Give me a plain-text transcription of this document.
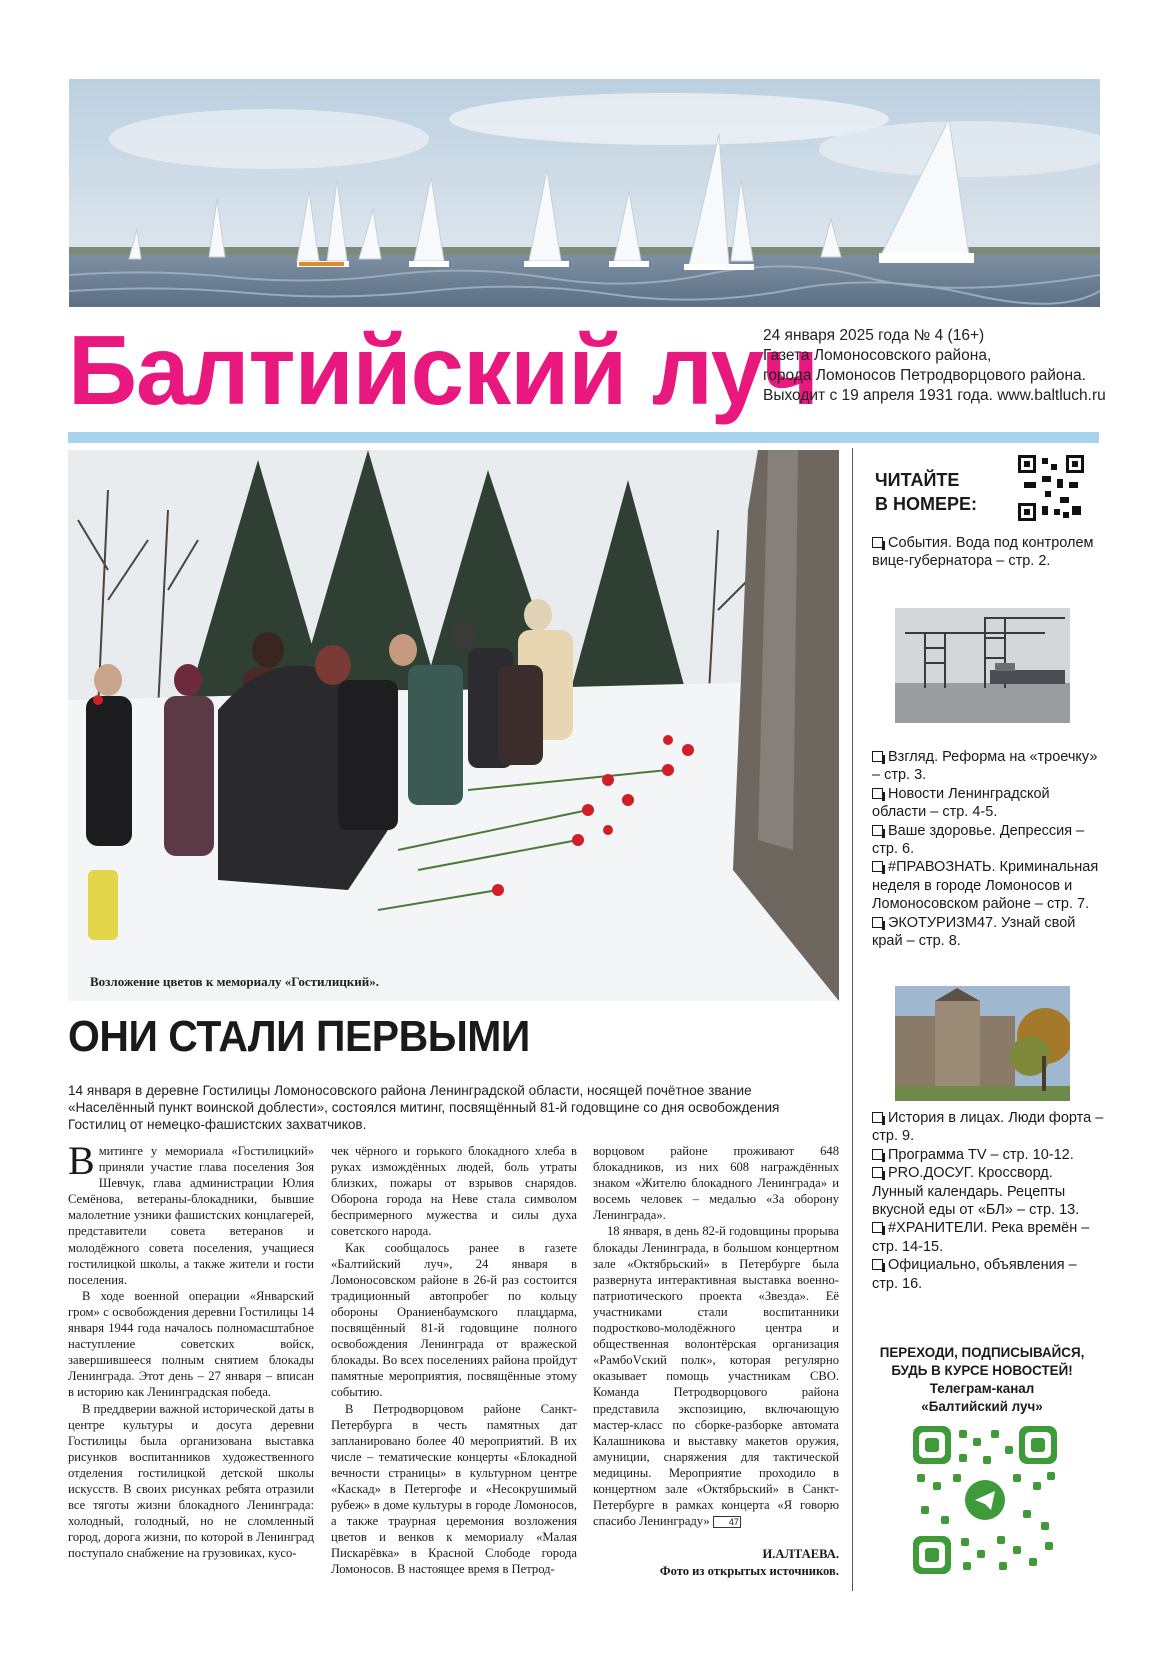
Балтийский луч
24 января 2025 года № 4 (16+)
Газета Ломоносовского района,
города Ломоносов Петродворцового района.
Выходит с 19 апреля 1931 года. www.baltluch.ru
Возложение цветов к мемориалу «Гостилицкий».
ОНИ СТАЛИ ПЕРВЫМИ
14 января в деревне Гостилицы Ломоносовского района Ленинградской области, носящей почётное звание «Населённый пункт воинской доблести», состоялся митинг, посвящённый 81-й годовщине со дня освобождения Гостилиц от немецко-фашистских захватчиков.

Вмитинге у мемориала «Гостилицкий» приняли участие глава поселения Зоя Шевчук, глава администрации Юлия Семёнова, ветераны-блокадники, бывшие малолетние узники фашистских концлагерей, представители совета ветеранов и молодёжного совета поселения, учащиеся гостилицкой школы, а также жители и гости поселения.

В ходе военной операции «Январский гром» с освобождения деревни Гостилицы 14 января 1944 года началось полномасштабное наступление советских войск, завершившееся полным снятием блокады Ленинграда. Этот день – 27 января – вписан в историю как Ленинградская победа.

В преддверии важной исторической даты в центре культуры и досуга деревни Гостилицы была организована выставка рисунков воспитанников художественного отделения гостилицкой детской школы искусств. В своих рисунках ребята отразили все тяготы жизни блокадного Ленинграда: холодный, голодный, но не сломленный город, дорога жизни, по которой в Ленинград поступало снабжение на грузовиках, кусо-

чек чёрного и горького блокадного хлеба в руках измождённых людей, боль утраты близких, пожары от взрывов снарядов. Оборона города на Неве стала символом беспримерного мужества и силы духа советского народа.

Как сообщалось ранее в газете «Балтийский луч», 24 января в Ломоносовском районе в 26-й раз состоится традиционный автопробег по кольцу обороны Ораниенбаумского плацдарма, посвящённый 81-й годовщине полного освобождения Ленинграда от вражеской блокады. Во всех поселениях района пройдут памятные мероприятия, посвящённые этому событию.

В Петродворцовом районе Санкт-Петербурга в честь памятных дат запланировано более 40 мероприятий. В их числе – тематические концерты «Блокадной вечности страницы» в культурном центре «Каскад» в Петергофе и «Несокрушимый рубеж» в доме культуры в городе Ломоносов, а также траурная церемония возложения цветов и венков к мемориалу «Малая Пискарёвка» в Красной Слободе города Ломоносов. В настоящее время в Петрод-

ворцовом районе проживают 648 блокадников, из них 608 награждённых знаком «Жителю блокадного Ленинграда» и восемь человек – медалью «За оборону Ленинграда».

18 января, в день 82-й годовщины прорыва блокады Ленинграда, в большом концертном зале «Октябрьский» в Петербурге была развернута интерактивная выставка военно-патриотического проекта «Звезда». Её участниками стали воспитанники подростково-молодёжного центра и общественная волонтёрская организация «РамбоVский полк», которая регулярно оказывает помощь участникам СВО. Команда Петродворцового района представила экспозицию, включающую мастер-класс по сборке-разборке автомата Калашникова и выставку макетов оружия, амуниции, снаряжения для тактической медицины. Мероприятие проходило в концертном зале «Октябрьский» в Санкт-Петербурге в рамках концерта «Я говорю спасибо Ленинграду» 47

И.АЛТАЕВА.
Фото из открытых источников.
ЧИТАЙТЕ
В НОМЕРЕ:
События. Вода под контролем вице-губернатора – стр. 2.
Взгляд. Реформа на «троечку» – стр. 3.
Новости Ленинградской области – стр. 4-5.
Ваше здоровье. Депрессия – стр. 6.
#ПРАВОЗНАТЬ. Криминальная неделя в городе Ломоносов и Ломоносовском районе – стр. 7.
ЭКОТУРИЗМ47. Узнай свой край – стр. 8.
История в лицах. Люди форта – стр. 9.
Программа TV – стр. 10-12.
PRO.ДОСУГ. Кроссворд. Лунный календарь. Рецепты вкусной еды от «БЛ» – стр. 13.
#ХРАНИТЕЛИ. Река времён – стр. 14-15.
Официально, объявления – стр. 16.
ПЕРЕХОДИ, ПОДПИСЫВАЙСЯ,
БУДЬ В КУРСЕ НОВОСТЕЙ!
Телеграм-канал
«Балтийский луч»
